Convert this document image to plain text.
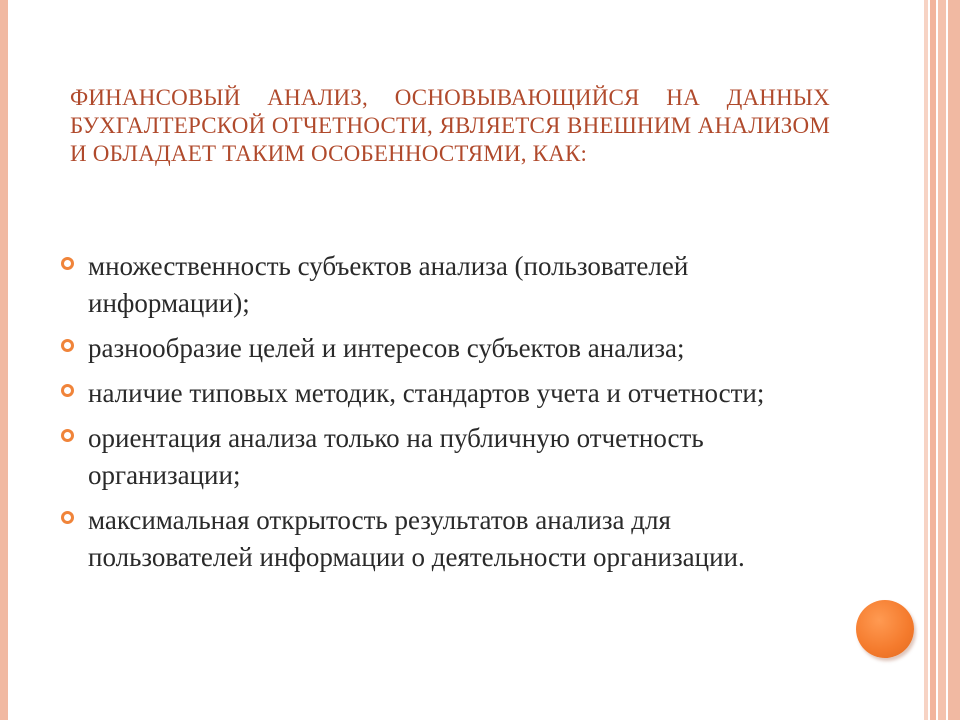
ФИНАНСОВЫЙ АНАЛИЗ, ОСНОВЫВАЮЩИЙСЯ НА ДАННЫХ БУХГАЛТЕРСКОЙ ОТЧЕТНОСТИ, ЯВЛЯЕТСЯ ВНЕШНИМ АНАЛИЗОМ И ОБЛАДАЕТ ТАКИМ ОСОБЕННОСТЯМИ, КАК:
множественность субъектов анализа (пользователей информации);
разнообразие целей и интересов субъектов анализа;
наличие типовых методик, стандартов учета и отчетности;
ориентация анализа только на публичную отчетность организации;
максимальная открытость результатов анализа для пользователей информации о деятельности организации.
